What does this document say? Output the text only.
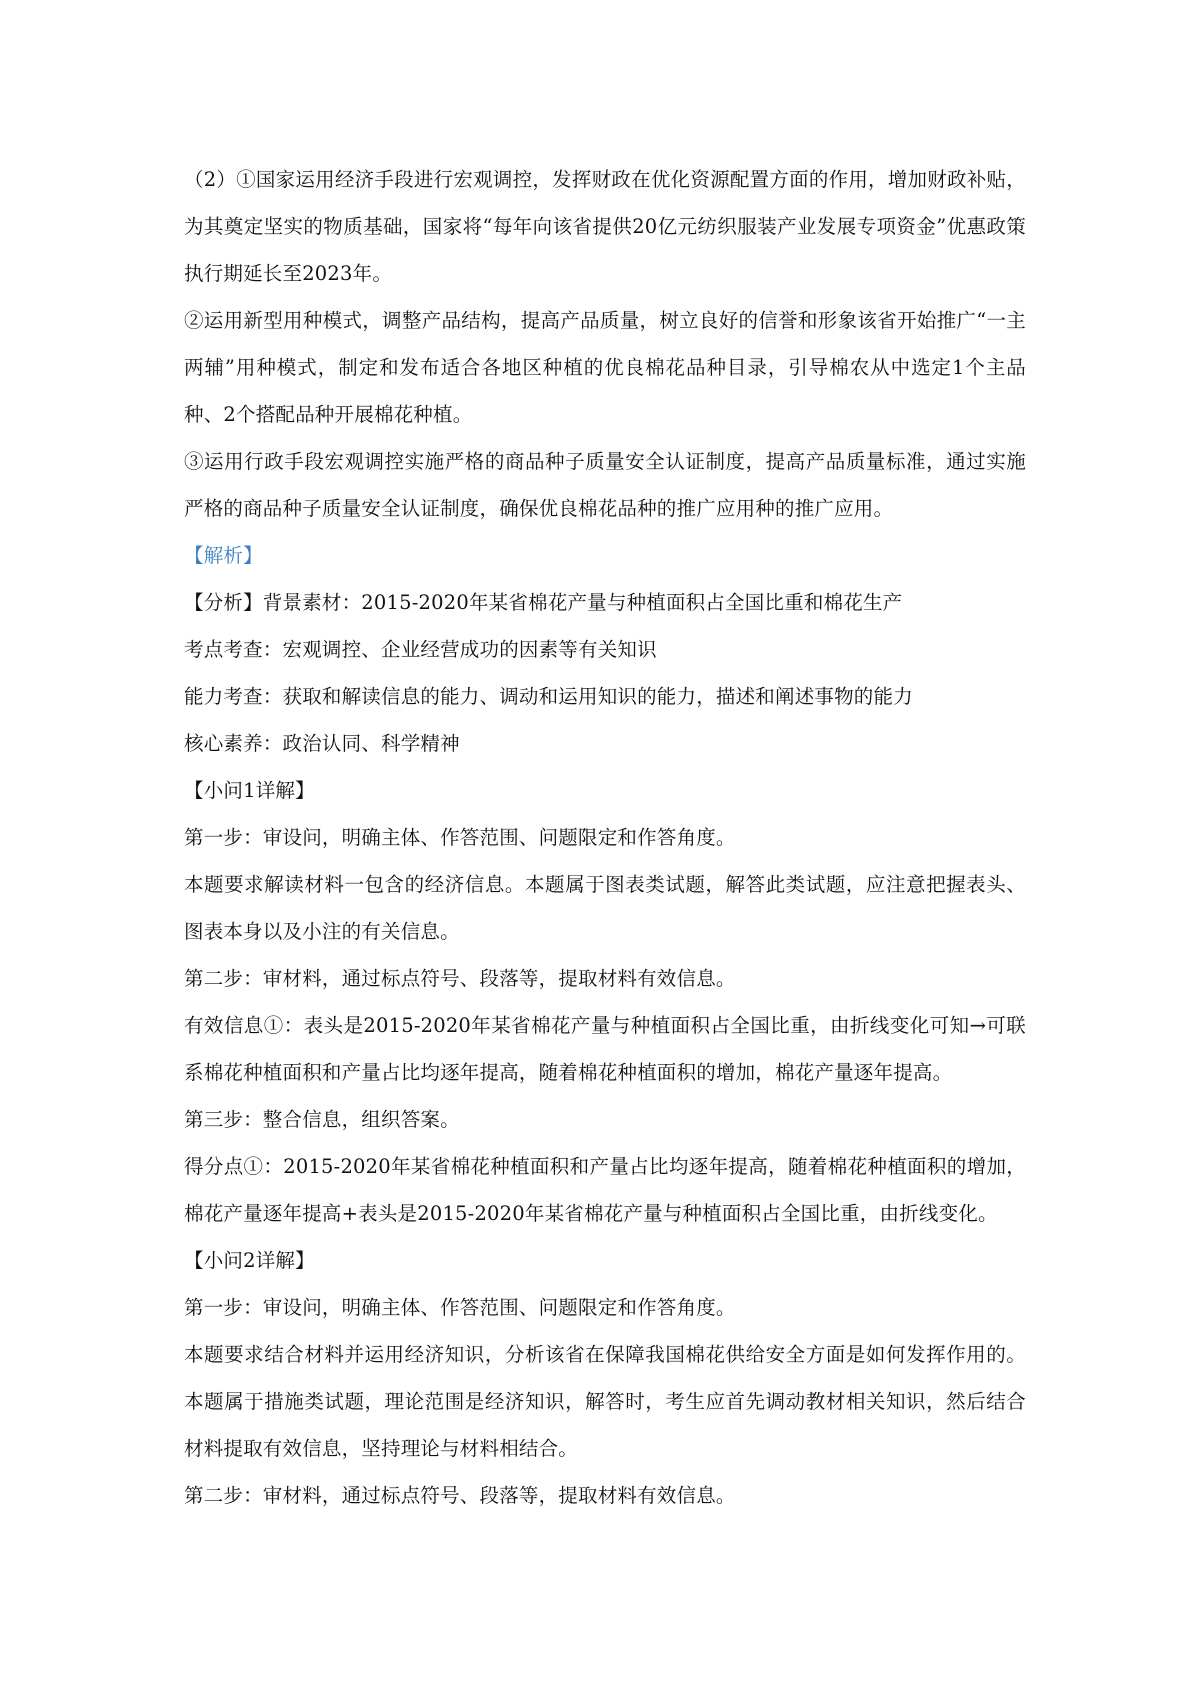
（2）①国家运用经济手段进行宏观调控，发挥财政在优化资源配置方面的作用，增加财政补贴，为其奠定坚实的物质基础，国家将“每年向该省提供20亿元纺织服装产业发展专项资金”优惠政策执行期延长至2023年。

②运用新型用种模式，调整产品结构，提高产品质量，树立良好的信誉和形象该省开始推广“一主两辅”用种模式，制定和发布适合各地区种植的优良棉花品种目录，引导棉农从中选定1个主品种、2个搭配品种开展棉花种植。

③运用行政手段宏观调控实施严格的商品种子质量安全认证制度，提高产品质量标准，通过实施严格的商品种子质量安全认证制度，确保优良棉花品种的推广应用种的推广应用。

【解析】

【分析】背景素材：2015-2020年某省棉花产量与种植面积占全国比重和棉花生产

考点考查：宏观调控、企业经营成功的因素等有关知识

能力考查：获取和解读信息的能力、调动和运用知识的能力，描述和阐述事物的能力

核心素养：政治认同、科学精神

【小问1详解】

第一步：审设问，明确主体、作答范围、问题限定和作答角度。

本题要求解读材料一包含的经济信息。本题属于图表类试题，解答此类试题，应注意把握表头、图表本身以及小注的有关信息。

第二步：审材料，通过标点符号、段落等，提取材料有效信息。

有效信息①：表头是2015-2020年某省棉花产量与种植面积占全国比重，由折线变化可知→可联系棉花种植面积和产量占比均逐年提高，随着棉花种植面积的增加，棉花产量逐年提高。

第三步：整合信息，组织答案。

得分点①：2015-2020年某省棉花种植面积和产量占比均逐年提高，随着棉花种植面积的增加，棉花产量逐年提高+表头是2015-2020年某省棉花产量与种植面积占全国比重，由折线变化。

【小问2详解】

第一步：审设问，明确主体、作答范围、问题限定和作答角度。

本题要求结合材料并运用经济知识，分析该省在保障我国棉花供给安全方面是如何发挥作用的。本题属于措施类试题，理论范围是经济知识，解答时，考生应首先调动教材相关知识，然后结合材料提取有效信息，坚持理论与材料相结合。

第二步：审材料，通过标点符号、段落等，提取材料有效信息。
